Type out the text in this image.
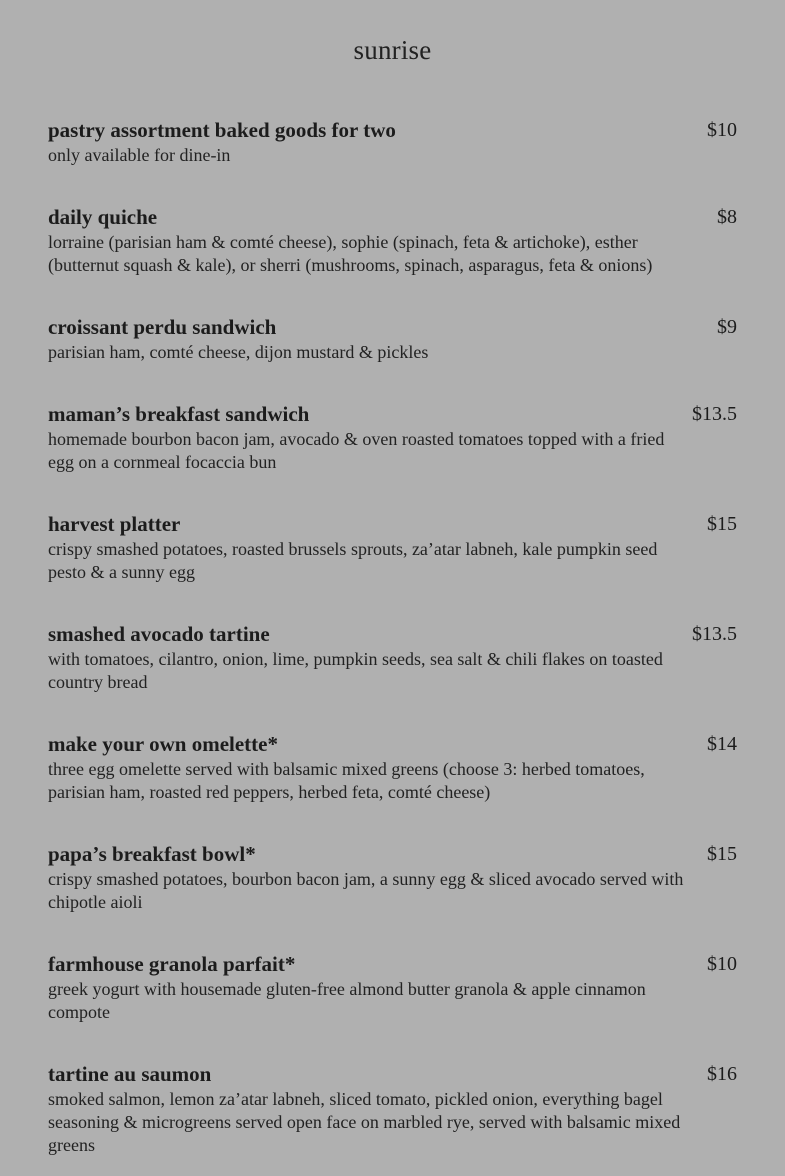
sunrise
pastry assortment baked goods for two	$10
only available for dine-in
daily quiche	$8
lorraine (parisian ham & comté cheese), sophie (spinach, feta & artichoke), esther (butternut squash & kale), or sherri (mushrooms, spinach, asparagus, feta & onions)
croissant perdu sandwich	$9
parisian ham, comté cheese, dijon mustard & pickles
maman’s breakfast sandwich	$13.5
homemade bourbon bacon jam, avocado & oven roasted tomatoes topped with a fried egg on a cornmeal focaccia bun
harvest platter	$15
crispy smashed potatoes, roasted brussels sprouts, za’atar labneh, kale pumpkin seed pesto & a sunny egg
smashed avocado tartine	$13.5
with tomatoes, cilantro, onion, lime, pumpkin seeds, sea salt & chili flakes on toasted country bread
make your own omelette*	$14
three egg omelette served with balsamic mixed greens (choose 3: herbed tomatoes, parisian ham, roasted red peppers, herbed feta, comté cheese)
papa’s breakfast bowl*	$15
crispy smashed potatoes, bourbon bacon jam, a sunny egg & sliced avocado served with chipotle aioli
farmhouse granola parfait*	$10
greek yogurt with housemade gluten-free almond butter granola & apple cinnamon compote
tartine au saumon	$16
smoked salmon, lemon za’atar labneh, sliced tomato, pickled onion, everything bagel seasoning & microgreens served open face on marbled rye, served with balsamic mixed greens
